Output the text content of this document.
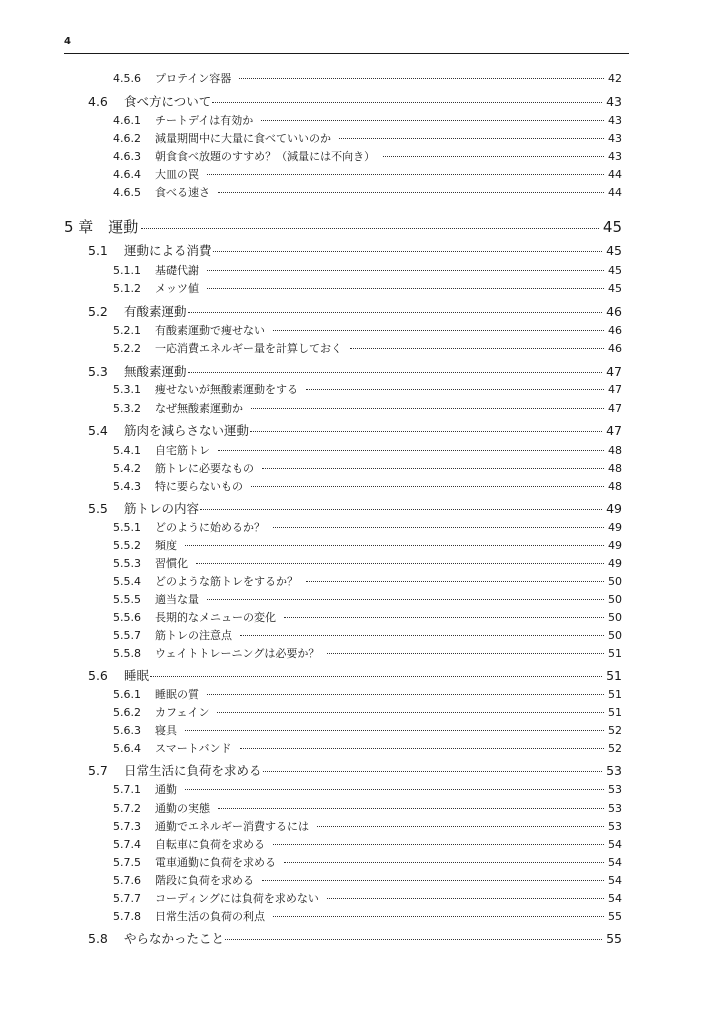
4
4.5.6	プロテイン容器	42
4.6	食べ方について	43
4.6.1	チートデイは有効か	43
4.6.2	減量期間中に大量に食べていいのか	43
4.6.3	朝食食べ放題のすすめ？（減量には不向き）	43
4.6.4	大皿の罠	44
4.6.5	食べる速さ	44
5 章　運動	45
5.1	運動による消費	45
5.1.1	基礎代謝	45
5.1.2	メッツ値	45
5.2	有酸素運動	46
5.2.1	有酸素運動で痩せない	46
5.2.2	一応消費エネルギー量を計算しておく	46
5.3	無酸素運動	47
5.3.1	痩せないが無酸素運動をする	47
5.3.2	なぜ無酸素運動か	47
5.4	筋肉を減らさない運動	47
5.4.1	自宅筋トレ	48
5.4.2	筋トレに必要なもの	48
5.4.3	特に要らないもの	48
5.5	筋トレの内容	49
5.5.1	どのように始めるか？	49
5.5.2	頻度	49
5.5.3	習慣化	49
5.5.4	どのような筋トレをするか？	50
5.5.5	適当な量	50
5.5.6	長期的なメニューの変化	50
5.5.7	筋トレの注意点	50
5.5.8	ウェイトトレーニングは必要か？	51
5.6	睡眠	51
5.6.1	睡眠の質	51
5.6.2	カフェイン	51
5.6.3	寝具	52
5.6.4	スマートバンド	52
5.7	日常生活に負荷を求める	53
5.7.1	通勤	53
5.7.2	通勤の実態	53
5.7.3	通勤でエネルギー消費するには	53
5.7.4	自転車に負荷を求める	54
5.7.5	電車通勤に負荷を求める	54
5.7.6	階段に負荷を求める	54
5.7.7	コーディングには負荷を求めない	54
5.7.8	日常生活の負荷の利点	55
5.8	やらなかったこと	55
